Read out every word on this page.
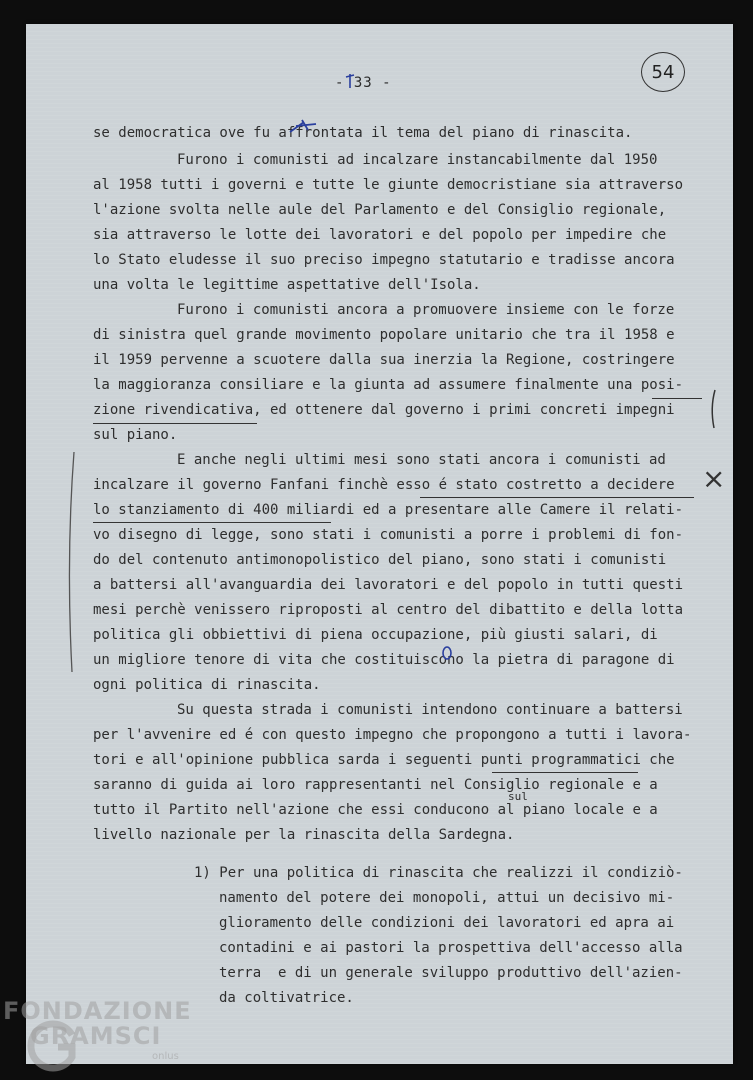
- 33 -
54
se democratica ove fu affrontata il tema del piano di rinascita.
Furono i comunisti ad incalzare instancabilmente dal 1950
al 1958 tutti i governi e tutte le giunte democristiane sia attraverso
l'azione svolta nelle aule del Parlamento e del Consiglio regionale,
sia attraverso le lotte dei lavoratori e del popolo per impedire che
lo Stato eludesse il suo preciso impegno statutario e tradisse ancora
una volta le legittime aspettative dell'Isola.
Furono i comunisti ancora a promuovere insieme con le forze
di sinistra quel grande movimento popolare unitario che tra il 1958 e
il 1959 pervenne a scuotere dalla sua inerzia la Regione, costringere
la maggioranza consiliare e la giunta ad assumere finalmente una posi-
zione rivendicativa, ed ottenere dal governo i primi concreti impegni
sul piano.
E anche negli ultimi mesi sono stati ancora i comunisti ad
incalzare il governo Fanfani finchè esso é stato costretto a decidere
lo stanziamento di 400 miliardi ed a presentare alle Camere il relati-
vo disegno di legge, sono stati i comunisti a porre i problemi di fon-
do del contenuto antimonopolistico del piano, sono stati i comunisti
a battersi all'avanguardia dei lavoratori e del popolo in tutti questi
mesi perchè venissero riproposti al centro del dibattito e della lotta
politica gli obbiettivi di piena occupazione, più giusti salari, di
un migliore tenore di vita che costituiscono la pietra di paragone di
ogni politica di rinascita.
Su questa strada i comunisti intendono continuare a battersi
per l'avvenire ed é con questo impegno che propongono a tutti i lavora-
tori e all'opinione pubblica sarda i seguenti punti programmatici che
saranno di guida ai loro rappresentanti nel Consiglio regionale e a
tutto il Partito nell'azione che essi conducono al piano locale e a
livello nazionale per la rinascita della Sardegna.
1) Per una politica di rinascita che realizzi il condiziò-
namento del potere dei monopoli, attui un decisivo mi-
glioramento delle condizioni dei lavoratori ed apra ai
contadini e ai pastori la prospettiva dell'accesso alla
terra  e di un generale sviluppo produttivo dell'azien-
da coltivatrice.
×
sul
FONDAZIONE
GRAMSCI
onlus
